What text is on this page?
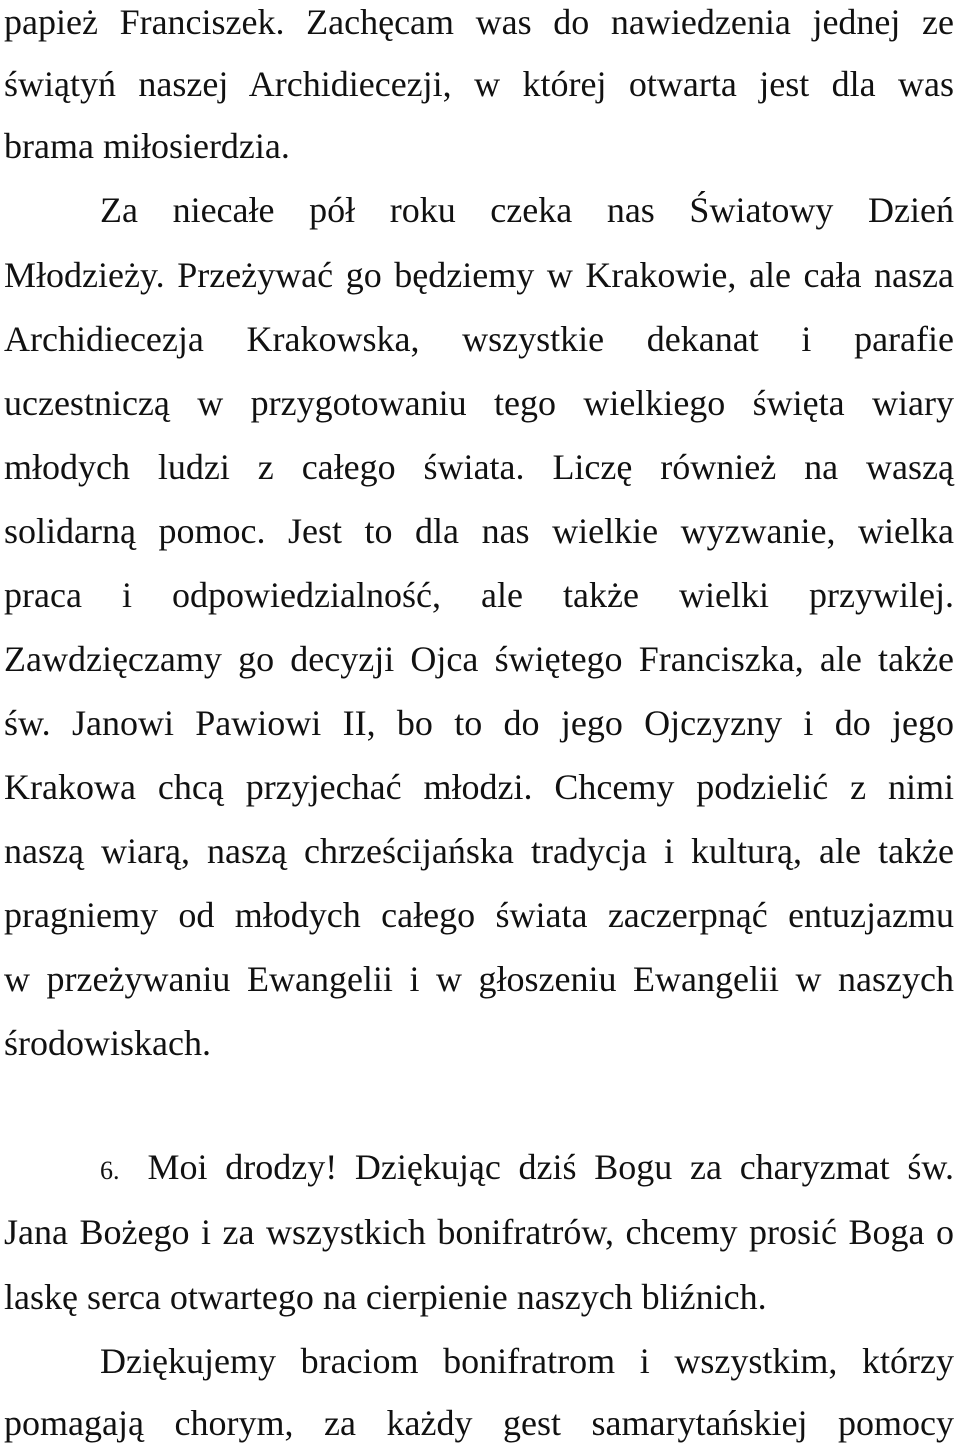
papież Franciszek. Zachęcam was do nawiedzenia jednej ze
świątyń naszej Archidiecezji, w której otwarta jest dla was
brama miłosierdzia.
Za niecałe pół roku czeka nas Światowy Dzień
Młodzieży. Przeżywać go będziemy w Krakowie, ale cała nasza
Archidiecezja Krakowska, wszystkie dekanat i parafie
uczestniczą w przygotowaniu tego wielkiego święta wiary
młodych ludzi z całego świata. Liczę również na waszą
solidarną pomoc. Jest to dla nas wielkie wyzwanie, wielka
praca i odpowiedzialność, ale także wielki przywilej.
Zawdzięczamy go decyzji Ojca świętego Franciszka, ale także
św. Janowi Pawiowi II, bo to do jego Ojczyzny i do jego
Krakowa chcą przyjechać młodzi. Chcemy podzielić z nimi
naszą wiarą, naszą chrześcijańska tradycja i kulturą, ale także
pragniemy od młodych całego świata zaczerpnąć entuzjazmu
w przeżywaniu Ewangelii i w głoszeniu Ewangelii w naszych
środowiskach.
6. Moi drodzy! Dziękując dziś Bogu za charyzmat św.
Jana Bożego i za wszystkich bonifratrów, chcemy prosić Boga o
laskę serca otwartego na cierpienie naszych bliźnich.
Dziękujemy braciom bonifratrom i wszystkim, którzy
pomagają chorym, za każdy gest samarytańskiej pomocy
